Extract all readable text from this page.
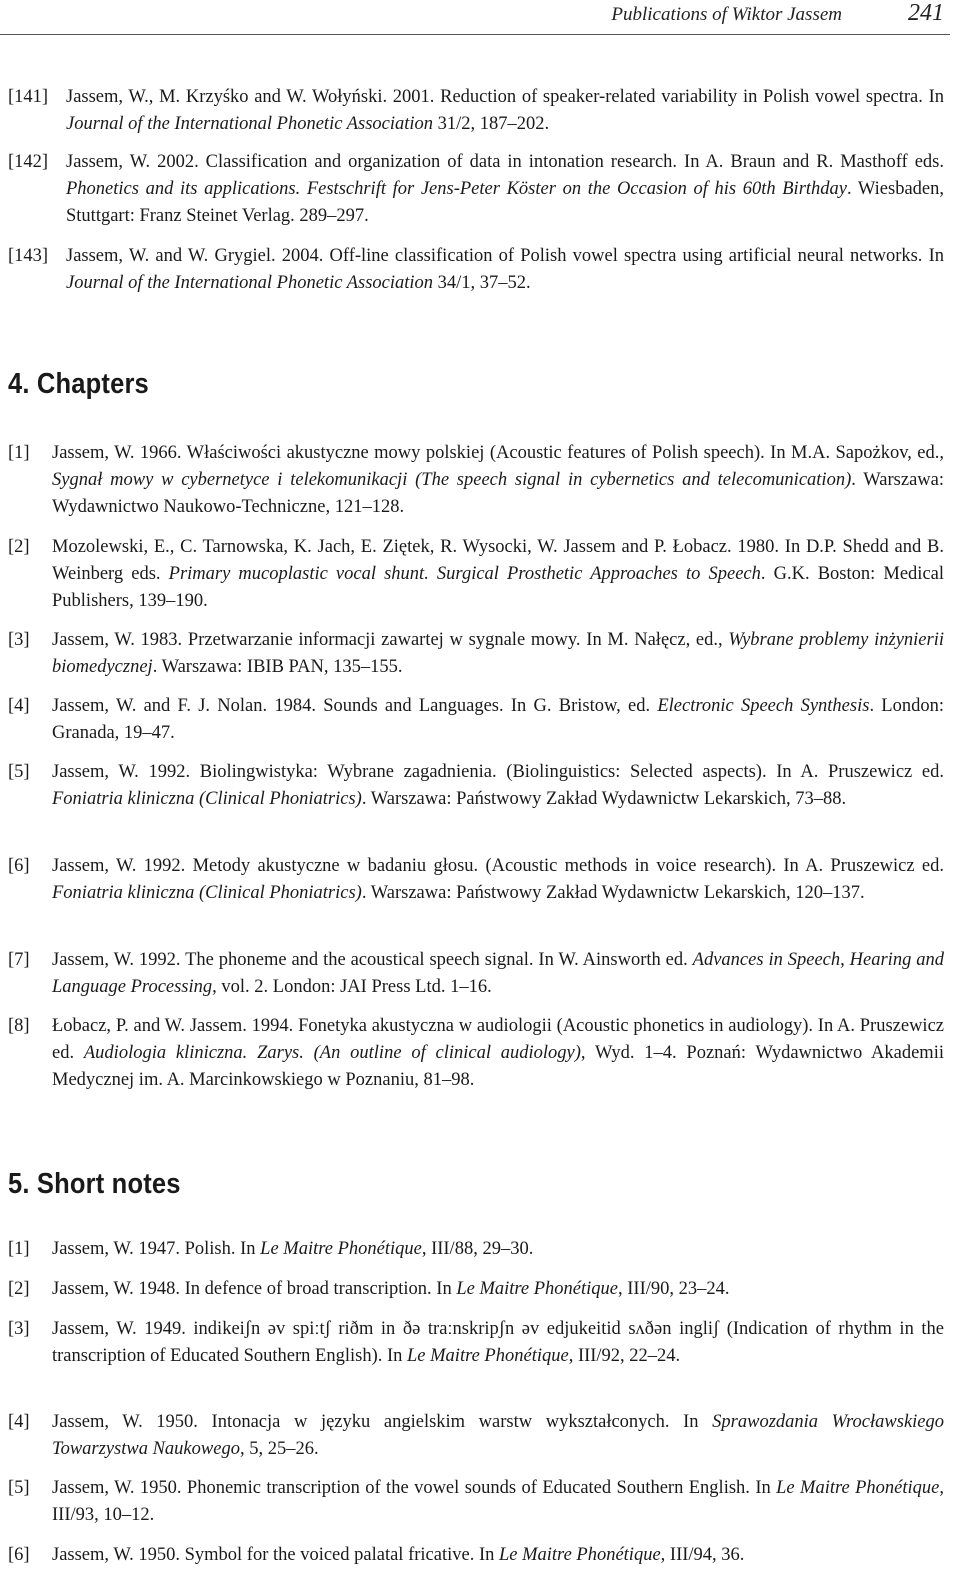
Publications of Wiktor Jassem	241
[141] Jassem, W., M. Krzyśko and W. Wołyński. 2001. Reduction of speaker-related variability in Polish vowel spectra. In Journal of the International Phonetic Association 31/2, 187–202.
[142] Jassem, W. 2002. Classification and organization of data in intonation research. In A. Braun and R. Masthoff eds. Phonetics and its applications. Festschrift for Jens-Peter Köster on the Occasion of his 60th Birthday. Wiesbaden, Stuttgart: Franz Steinet Verlag. 289–297.
[143] Jassem, W. and W. Grygiel. 2004. Off-line classification of Polish vowel spectra using artificial neural networks. In Journal of the International Phonetic Association 34/1, 37–52.
4. Chapters
[1] Jassem, W. 1966. Właściwości akustyczne mowy polskiej (Acoustic features of Polish speech). In M.A. Sapożkov, ed., Sygnał mowy w cybernetyce i telekomunikacji (The speech signal in cybernetics and telecomunication). Warszawa: Wydawnictwo Naukowo-Techniczne, 121–128.
[2] Mozolewski, E., C. Tarnowska, K. Jach, E. Ziętek, R. Wysocki, W. Jassem and P. Łobacz. 1980. In D.P. Shedd and B. Weinberg eds. Primary mucoplastic vocal shunt. Surgical Prosthetic Approaches to Speech. G.K. Boston: Medical Publishers, 139–190.
[3] Jassem, W. 1983. Przetwarzanie informacji zawartej w sygnale mowy. In M. Nałęcz, ed., Wybrane problemy inżynierii biomedycznej. Warszawa: IBIB PAN, 135–155.
[4] Jassem, W. and F. J. Nolan. 1984. Sounds and Languages. In G. Bristow, ed. Electronic Speech Synthesis. London: Granada, 19–47.
[5] Jassem, W. 1992. Biolingwistyka: Wybrane zagadnienia. (Biolinguistics: Selected aspects). In A. Pruszewicz ed. Foniatria kliniczna (Clinical Phoniatrics). Warszawa: Państwowy Zakład Wydawnictw Lekarskich, 73–88.
[6] Jassem, W. 1992. Metody akustyczne w badaniu głosu. (Acoustic methods in voice research). In A. Pruszewicz ed. Foniatria kliniczna (Clinical Phoniatrics). Warszawa: Państwowy Zakład Wydawnictw Lekarskich, 120–137.
[7] Jassem, W. 1992. The phoneme and the acoustical speech signal. In W. Ainsworth ed. Advances in Speech, Hearing and Language Processing, vol. 2. London: JAI Press Ltd. 1–16.
[8] Łobacz, P. and W. Jassem. 1994. Fonetyka akustyczna w audiologii (Acoustic phonetics in audiology). In A. Pruszewicz ed. Audiologia kliniczna. Zarys. (An outline of clinical audiology), Wyd. 1–4. Poznań: Wydawnictwo Akademii Medycznej im. A. Marcinkowskiego w Poznaniu, 81–98.
5. Short notes
[1] Jassem, W. 1947. Polish. In Le Maitre Phonétique, III/88, 29–30.
[2] Jassem, W. 1948. In defence of broad transcription. In Le Maitre Phonétique, III/90, 23–24.
[3] Jassem, W. 1949. indikeiʃn əv spiːtʃ riðm in ðə traːnskripʃn əv edjukeitid sʌðən ingliʃ (Indication of rhythm in the transcription of Educated Southern English). In Le Maitre Phonétique, III/92, 22–24.
[4] Jassem, W. 1950. Intonacja w języku angielskim warstw wykształconych. In Sprawozdania Wrocławskiego Towarzystwa Naukowego, 5, 25–26.
[5] Jassem, W. 1950. Phonemic transcription of the vowel sounds of Educated Southern English. In Le Maitre Phonétique, III/93, 10–12.
[6] Jassem, W. 1950. Symbol for the voiced palatal fricative. In Le Maitre Phonétique, III/94, 36.
